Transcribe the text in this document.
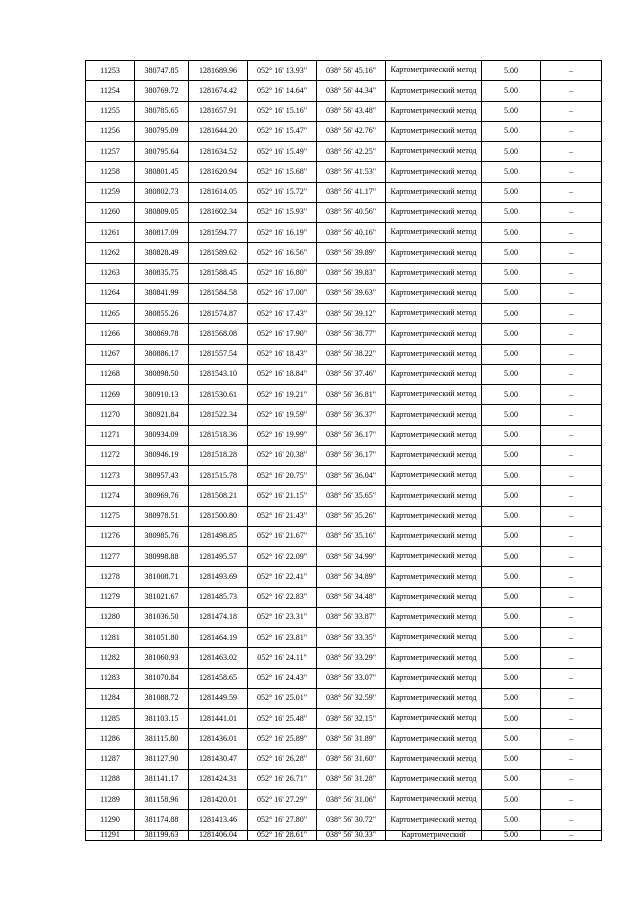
11253	380747.85	1281689.96	052° 16' 13.93"	038° 56' 45.16"	Картометрический метод	5.00	–
11254	380769.72	1281674.42	052° 16' 14.64"	038° 56' 44.34"	Картометрический метод	5.00	–
11255	380785.65	1281657.91	052° 16' 15.16"	038° 56' 43.48"	Картометрический метод	5.00	–
11256	380795.09	1281644.20	052° 16' 15.47"	038° 56' 42.76"	Картометрический метод	5.00	–
11257	380795.64	1281634.52	052° 16' 15.49"	038° 56' 42.25"	Картометрический метод	5.00	–
11258	380801.45	1281620.94	052° 16' 15.68"	038° 56' 41.53"	Картометрический метод	5.00	–
11259	380802.73	1281614.05	052° 16' 15.72"	038° 56' 41.17"	Картометрический метод	5.00	–
11260	380809.05	1281602.34	052° 16' 15.93"	038° 56' 40.56"	Картометрический метод	5.00	–
11261	380817.09	1281594.77	052° 16' 16.19"	038° 56' 40.16"	Картометрический метод	5.00	–
11262	380828.49	1281589.62	052° 16' 16.56"	038° 56' 39.89"	Картометрический метод	5.00	–
11263	380835.75	1281588.45	052° 16' 16.80"	038° 56' 39.83"	Картометрический метод	5.00	–
11264	380841.99	1281584.58	052° 16' 17.00"	038° 56' 39.63"	Картометрический метод	5.00	–
11265	380855.26	1281574.87	052° 16' 17.43"	038° 56' 39.12"	Картометрический метод	5.00	–
11266	380869.78	1281568.08	052° 16' 17.90"	038° 56' 38.77"	Картометрический метод	5.00	–
11267	380886.17	1281557.54	052° 16' 18.43"	038° 56' 38.22"	Картометрический метод	5.00	–
11268	380898.50	1281543.10	052° 16' 18.84"	038° 56' 37.46"	Картометрический метод	5.00	–
11269	380910.13	1281530.61	052° 16' 19.21"	038° 56' 36.81"	Картометрический метод	5.00	–
11270	380921.84	1281522.34	052° 16' 19.59"	038° 56' 36.37"	Картометрический метод	5.00	–
11271	380934.09	1281518.36	052° 16' 19.99"	038° 56' 36.17"	Картометрический метод	5.00	–
11272	380946.19	1281518.28	052° 16' 20.38"	038° 56' 36.17"	Картометрический метод	5.00	–
11273	380957.43	1281515.78	052° 16' 20.75"	038° 56' 36.04"	Картометрический метод	5.00	–
11274	380969.76	1281508.21	052° 16' 21.15"	038° 56' 35.65"	Картометрический метод	5.00	–
11275	380978.51	1281500.80	052° 16' 21.43"	038° 56' 35.26"	Картометрический метод	5.00	–
11276	380985.76	1281498.85	052° 16' 21.67"	038° 56' 35.16"	Картометрический метод	5.00	–
11277	380998.88	1281495.57	052° 16' 22.09"	038° 56' 34.99"	Картометрический метод	5.00	–
11278	381008.71	1281493.69	052° 16' 22.41"	038° 56' 34.89"	Картометрический метод	5.00	–
11279	381021.67	1281485.73	052° 16' 22.83"	038° 56' 34.48"	Картометрический метод	5.00	–
11280	381036.50	1281474.18	052° 16' 23.31"	038° 56' 33.87"	Картометрический метод	5.00	–
11281	381051.80	1281464.19	052° 16' 23.81"	038° 56' 33.35"	Картометрический метод	5.00	–
11282	381060.93	1281463.02	052° 16' 24.11"	038° 56' 33.29"	Картометрический метод	5.00	–
11283	381070.84	1281458.65	052° 16' 24.43"	038° 56' 33.07"	Картометрический метод	5.00	–
11284	381088.72	1281449.59	052° 16' 25.01"	038° 56' 32.59"	Картометрический метод	5.00	–
11285	381103.15	1281441.01	052° 16' 25.48"	038° 56' 32.15"	Картометрический метод	5.00	–
11286	381115.80	1281436.01	052° 16' 25.89"	038° 56' 31.89"	Картометрический метод	5.00	–
11287	381127.90	1281430.47	052° 16' 26.28"	038° 56' 31.60"	Картометрический метод	5.00	–
11288	381141.17	1281424.31	052° 16' 26.71"	038° 56' 31.28"	Картометрический метод	5.00	–
11289	381158.96	1281420.01	052° 16' 27.29"	038° 56' 31.06"	Картометрический метод	5.00	–
11290	381174.88	1281413.46	052° 16' 27.80"	038° 56' 30.72"	Картометрический метод	5.00	–
11291	381199.63	1281406.04	052° 16' 28.61"	038° 56' 30.33"	Картометрический	5.00	–
